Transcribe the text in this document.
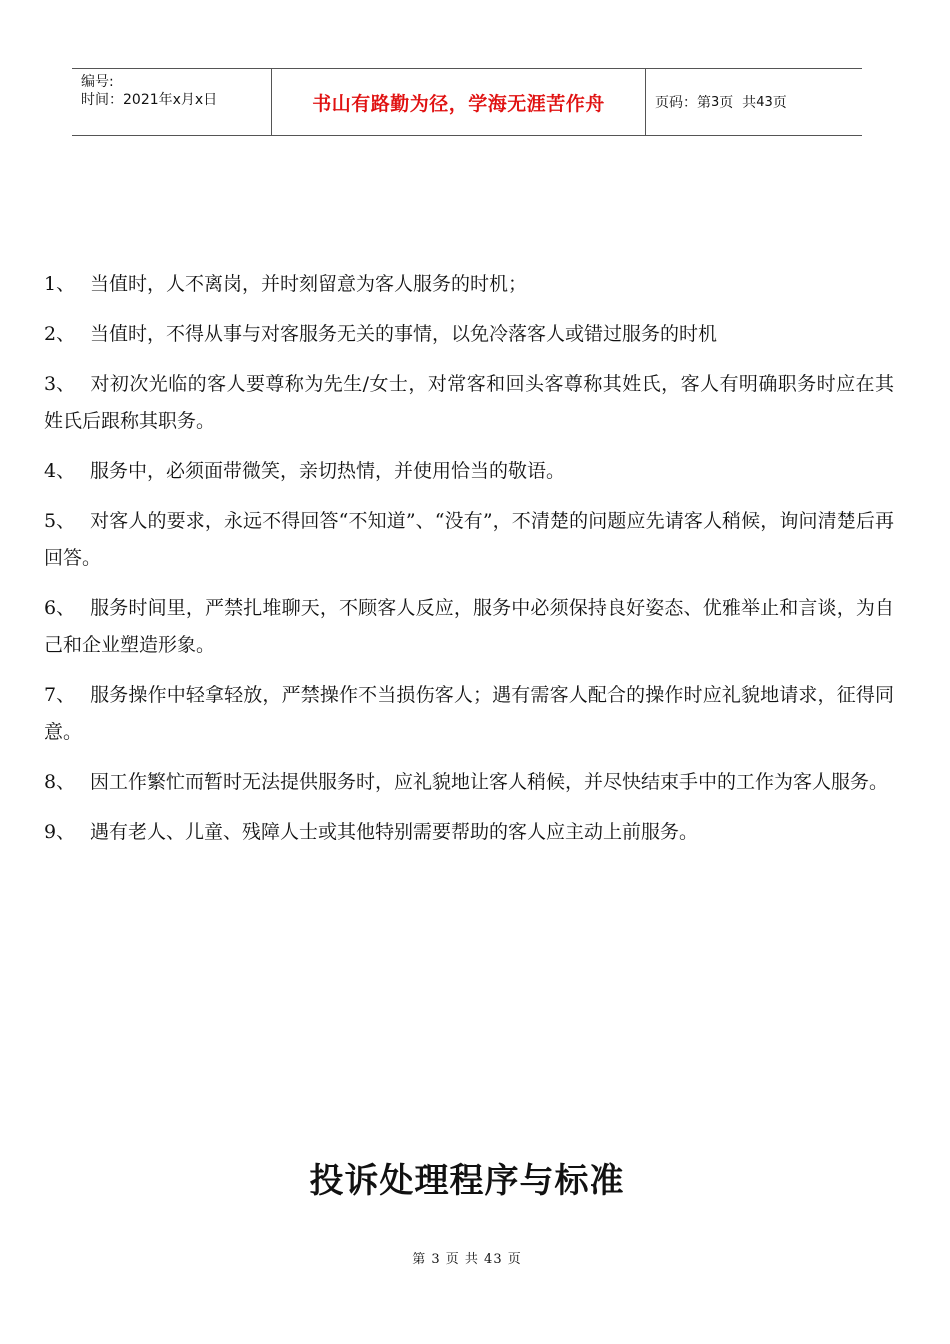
编号:
时间：2021年x月x日	书山有路勤为径，学海无涯苦作舟	页码：第 3 页  共 43 页
1、 当值时，人不离岗，并时刻留意为客人服务的时机；
2、 当值时，不得从事与对客服务无关的事情，以免冷落客人或错过服务的时机
3、 对初次光临的客人要尊称为先生/女士，对常客和回头客尊称其姓氏，客人有明确职务时应在其姓氏后跟称其职务。
4、 服务中，必须面带微笑，亲切热情，并使用恰当的敬语。
5、 对客人的要求，永远不得回答“不知道”、“没有”，不清楚的问题应先请客人稍候，询问清楚后再回答。
6、 服务时间里，严禁扎堆聊天，不顾客人反应，服务中必须保持良好姿态、优雅举止和言谈，为自己和企业塑造形象。
7、 服务操作中轻拿轻放，严禁操作不当损伤客人；遇有需客人配合的操作时应礼貌地请求，征得同意。
8、 因工作繁忙而暂时无法提供服务时，应礼貌地让客人稍候，并尽快结束手中的工作为客人服务。
9、 遇有老人、儿童、残障人士或其他特别需要帮助的客人应主动上前服务。
投诉处理程序与标准
第 3 页 共 43 页
